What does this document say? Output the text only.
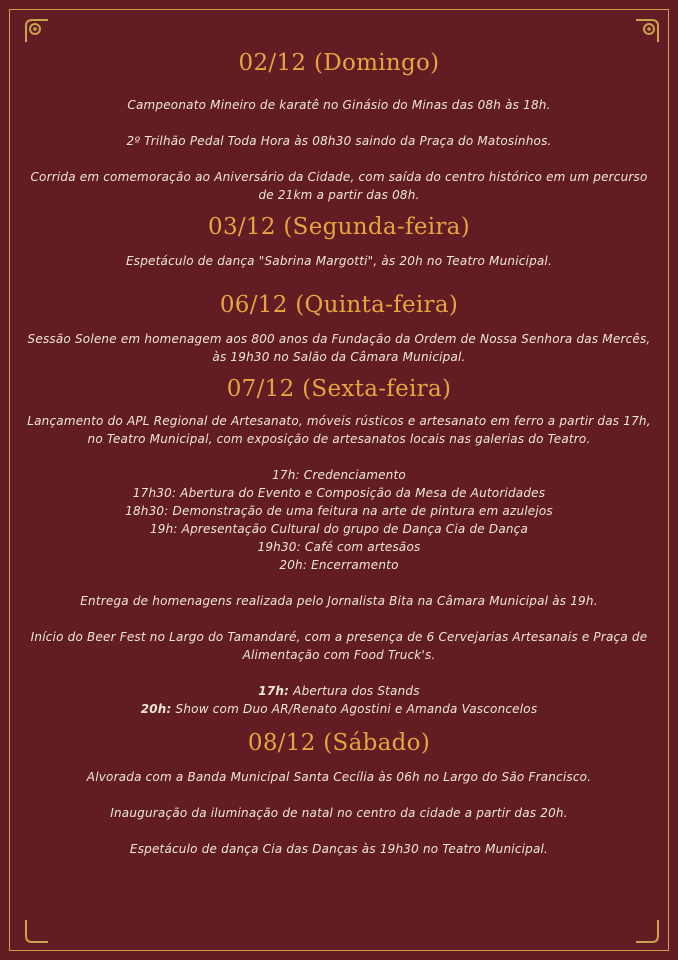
02/12 (Domingo)

Campeonato Mineiro de karatê no Ginásio do Minas das 08h às 18h.

2º Trilhão Pedal Toda Hora às 08h30 saindo da Praça do Matosinhos.

Corrida em comemoração ao Aniversário da Cidade, com saída do centro histórico em um percurso de 21km a partir das 08h.

03/12 (Segunda-feira)

Espetáculo de dança "Sabrina Margotti", às 20h no Teatro Municipal.

06/12 (Quinta-feira)

Sessão Solene em homenagem aos 800 anos da Fundação da Ordem de Nossa Senhora das Mercês, às 19h30 no Salão da Câmara Municipal.

07/12 (Sexta-feira)

Lançamento do APL Regional de Artesanato, móveis rústicos e artesanato em ferro a partir das 17h, no Teatro Municipal, com exposição de artesanatos locais nas galerias do Teatro.

17h: Credenciamento

17h30: Abertura do Evento e Composição da Mesa de Autoridades

18h30: Demonstração de uma feitura na arte de pintura em azulejos

19h: Apresentação Cultural do grupo de Dança Cia de Dança

19h30: Café com artesãos

20h: Encerramento

Entrega de homenagens realizada pelo Jornalista Bita na Câmara Municipal às 19h.

Início do Beer Fest no Largo do Tamandaré, com a presença de 6 Cervejarias Artesanais e Praça de Alimentação com Food Truck's.

17h: Abertura dos Stands

20h: Show com Duo AR/Renato Agostini e Amanda Vasconcelos

08/12 (Sábado)

Alvorada com a Banda Municipal Santa Cecília às 06h no Largo do São Francisco.

Inauguração da iluminação de natal no centro da cidade a partir das 20h.

Espetáculo de dança Cia das Danças às 19h30 no Teatro Municipal.
